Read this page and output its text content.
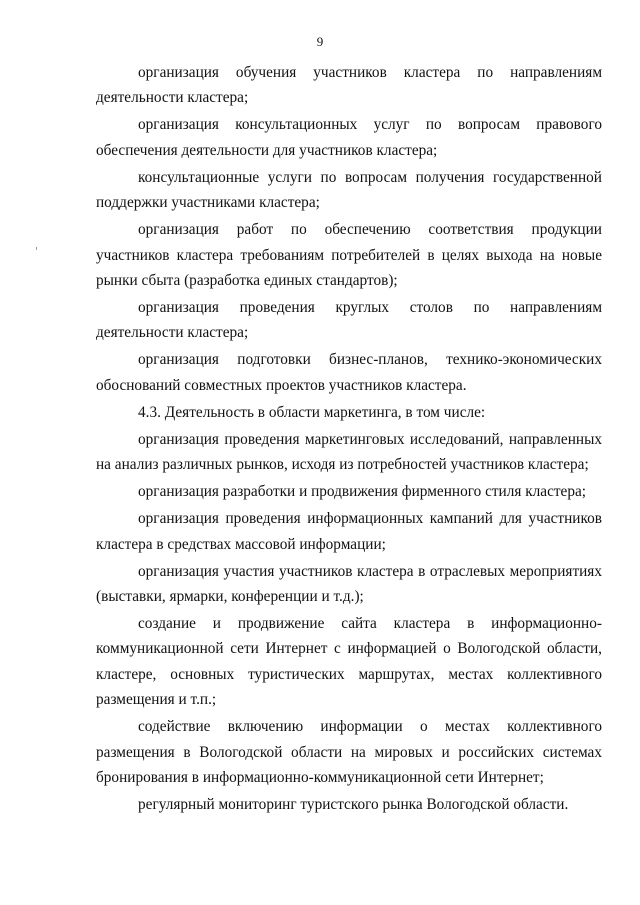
9

организация обучения участников кластера по направлениям деятельности кластера;

организация консультационных услуг по вопросам правового обеспечения деятельности для участников кластера;

консультационные услуги по вопросам получения государственной поддержки участниками кластера;

организация работ по обеспечению соответствия продукции участников кластера требованиям потребителей в целях выхода на новые рынки сбыта (разработка единых стандартов);

организация проведения круглых столов по направлениям деятельности кластера;

организация подготовки бизнес-планов, технико-экономических обоснований совместных проектов участников кластера.

4.3. Деятельность в области маркетинга, в том числе:

организация проведения маркетинговых исследований, направленных на анализ различных рынков, исходя из потребностей участников кластера;

организация разработки и продвижения фирменного стиля кластера;

организация проведения информационных кампаний для участников кластера в средствах массовой информации;

организация участия участников кластера в отраслевых мероприятиях (выставки, ярмарки, конференции и т.д.);

создание и продвижение сайта кластера в информационно-коммуникационной сети Интернет с информацией о Вологодской области, кластере, основных туристических маршрутах, местах коллективного размещения и т.п.;

содействие включению информации о местах коллективного размещения в Вологодской области на мировых и российских системах бронирования в информационно-коммуникационной сети Интернет;

регулярный мониторинг туристского рынка Вологодской области.
